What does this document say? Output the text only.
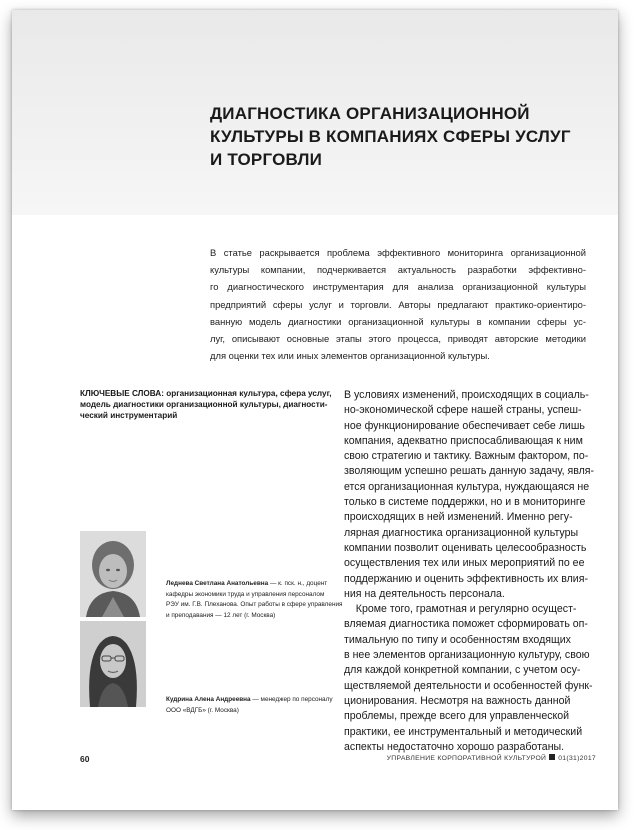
ДИАГНОСТИКА ОРГАНИЗАЦИОННОЙ
КУЛЬТУРЫ В КОМПАНИЯХ СФЕРЫ УСЛУГ
И ТОРГОВЛИ
В статье раскрывается проблема эффективного мониторинга организационной
культуры компании, подчеркивается актуальность разработки эффективно-
го диагностического инструментария для анализа организационной культуры
предприятий сферы услуг и торговли. Авторы предлагают практико-ориентиро-
ванную модель диагностики организационной культуры в компании сферы ус-
луг, описывают основные этапы этого процесса, приводят авторские методики
для оценки тех или иных элементов организационной культуры.
КЛЮЧЕВЫЕ СЛОВА: организационная культура, сфера услуг,
модель диагностики организационной культуры, диагности-
ческий инструментарий
В условиях изменений, происходящих в социаль-
но-экономической сфере нашей страны, успеш-
ное функционирование обеспечивает себе лишь
компания, адекватно приспосабливающая к ним
свою стратегию и тактику. Важным фактором, по-
зволяющим успешно решать данную задачу, явля-
ется организационная культура, нуждающаяся не
только в системе поддержки, но и в мониторинге
происходящих в ней изменений. Именно регу-
лярная диагностика организационной культуры
компании позволит оценивать целесообразность
осуществления тех или иных мероприятий по ее
поддержанию и оценить эффективность их влия-
ния на деятельность персонала.
Кроме того, грамотная и регулярно осущест-
вляемая диагностика поможет сформировать оп-
тимальную по типу и особенностям входящих
в нее элементов организационную культуру, свою
для каждой конкретной компании, с учетом осу-
ществляемой деятельности и особенностей функ-
ционирования. Несмотря на важность данной
проблемы, прежде всего для управленческой
практики, ее инструментальный и методический
аспекты недостаточно хорошо разработаны.
Леднева Светлана Анатольевна — к. пск. н., доцент
кафедры экономики труда и управления персоналом
РЭУ им. Г.В. Плеханова. Опыт работы в сфере управления
и преподавания — 12 лет (г. Москва)
Кудрина Алена Андреевна — менеджер по персоналу
ООО «ВДГБ» (г. Москва)
60	УПРАВЛЕНИЕ КОРПОРАТИВНОЙ КУЛЬТУРОЙ 01(31)2017
